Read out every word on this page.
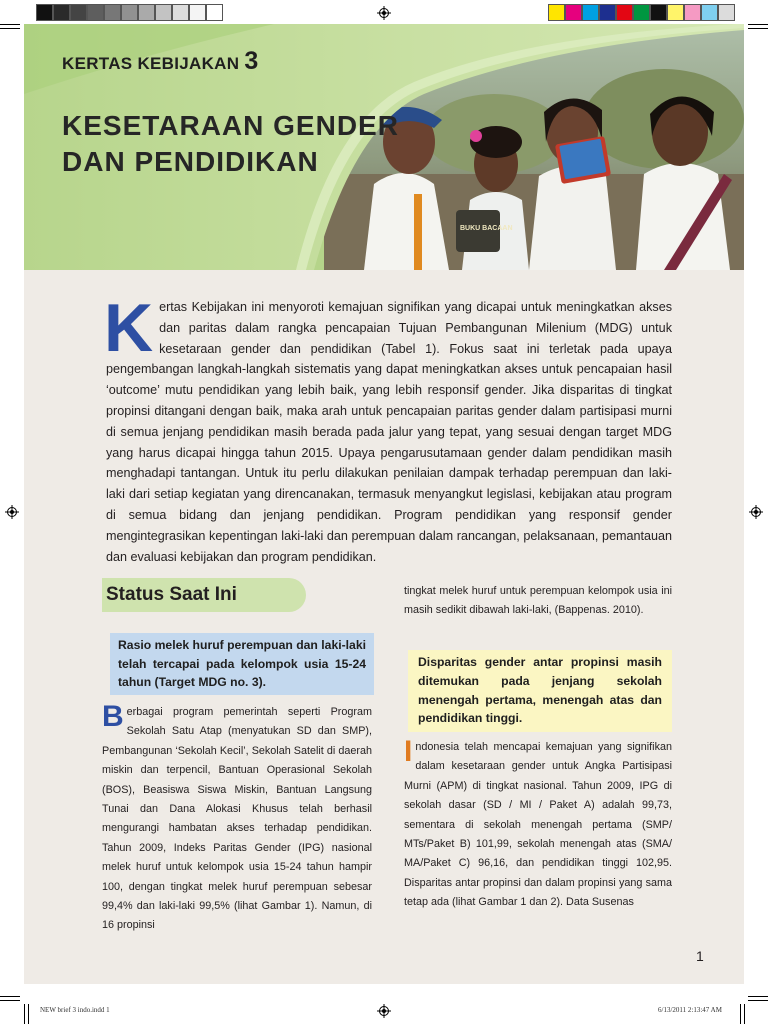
BUKU BACAAN
KERTAS KEBIJAKAN 3
KESETARAAN GENDER
DAN PENDIDIKAN

Kertas Kebijakan ini menyoroti kemajuan signifikan yang dicapai untuk meningkatkan akses dan paritas dalam rangka pencapaian Tujuan Pembangunan Milenium (MDG) untuk kesetaraan gender dan pendidikan (Tabel 1). Fokus saat ini terletak pada upaya pengembangan langkah-langkah sistematis yang dapat meningkatkan akses untuk pencapaian hasil ‘outcome’ mutu pendidikan yang lebih baik, yang lebih responsif gender. Jika disparitas di tingkat propinsi ditangani dengan baik, maka arah untuk pencapaian paritas gender dalam partisipasi murni di semua jenjang pendidikan masih berada pada jalur yang tepat, yang sesuai dengan target MDG yang harus dicapai hingga tahun 2015. Upaya pengarusutamaan gender dalam pendidikan masih menghadapi tantangan. Untuk itu perlu dilakukan penilaian dampak terhadap perempuan dan laki-laki dari setiap kegiatan yang direncanakan, termasuk menyangkut legislasi, kebijakan atau program di semua bidang dan jenjang pendidikan. Program pendidikan yang responsif gender mengintegrasikan kepentingan laki-laki dan perempuan dalam rancangan, pelaksanaan, pemantauan dan evaluasi kebijakan dan program pendidikan.

Status Saat Ini
Rasio melek huruf perempuan dan laki-laki telah tercapai pada kelompok usia 15-24 tahun (Target MDG no. 3).

Berbagai program pemerintah seperti Program Sekolah Satu Atap (menyatukan SD dan SMP), Pembangunan ‘Sekolah Kecil’, Sekolah Satelit di daerah miskin dan terpencil, Bantuan Operasional Sekolah (BOS), Beasiswa Siswa Miskin, Bantuan Langsung Tunai dan Dana Alokasi Khusus telah berhasil mengurangi hambatan akses terhadap pendidikan. Tahun 2009, Indeks Paritas Gender (IPG) nasional melek huruf untuk kelompok usia 15-24 tahun hampir 100, dengan tingkat melek huruf perempuan sebesar 99,4% dan laki-laki 99,5% (lihat Gambar 1). Namun, di 16 propinsi

tingkat melek huruf untuk perempuan kelompok usia ini masih sedikit dibawah laki-laki, (Bappenas. 2010).

Disparitas gender antar propinsi masih ditemukan pada jenjang sekolah menengah pertama, menengah atas dan pendidikan tinggi.

Indonesia telah mencapai kemajuan yang signifikan dalam kesetaraan gender untuk Angka Partisipasi Murni (APM) di tingkat nasional. Tahun 2009, IPG di sekolah dasar (SD / MI / Paket A) adalah 99,73, sementara di sekolah menengah pertama (SMP/ MTs/Paket B) 101,99, sekolah menengah atas (SMA/ MA/Paket C) 96,16, dan pendidikan tinggi 102,95. Disparitas antar propinsi dan dalam propinsi yang sama tetap ada (lihat Gambar 1 dan 2). Data Susenas

1
NEW brief 3 indo.indd 1	6/13/2011 2:13:47 AM
